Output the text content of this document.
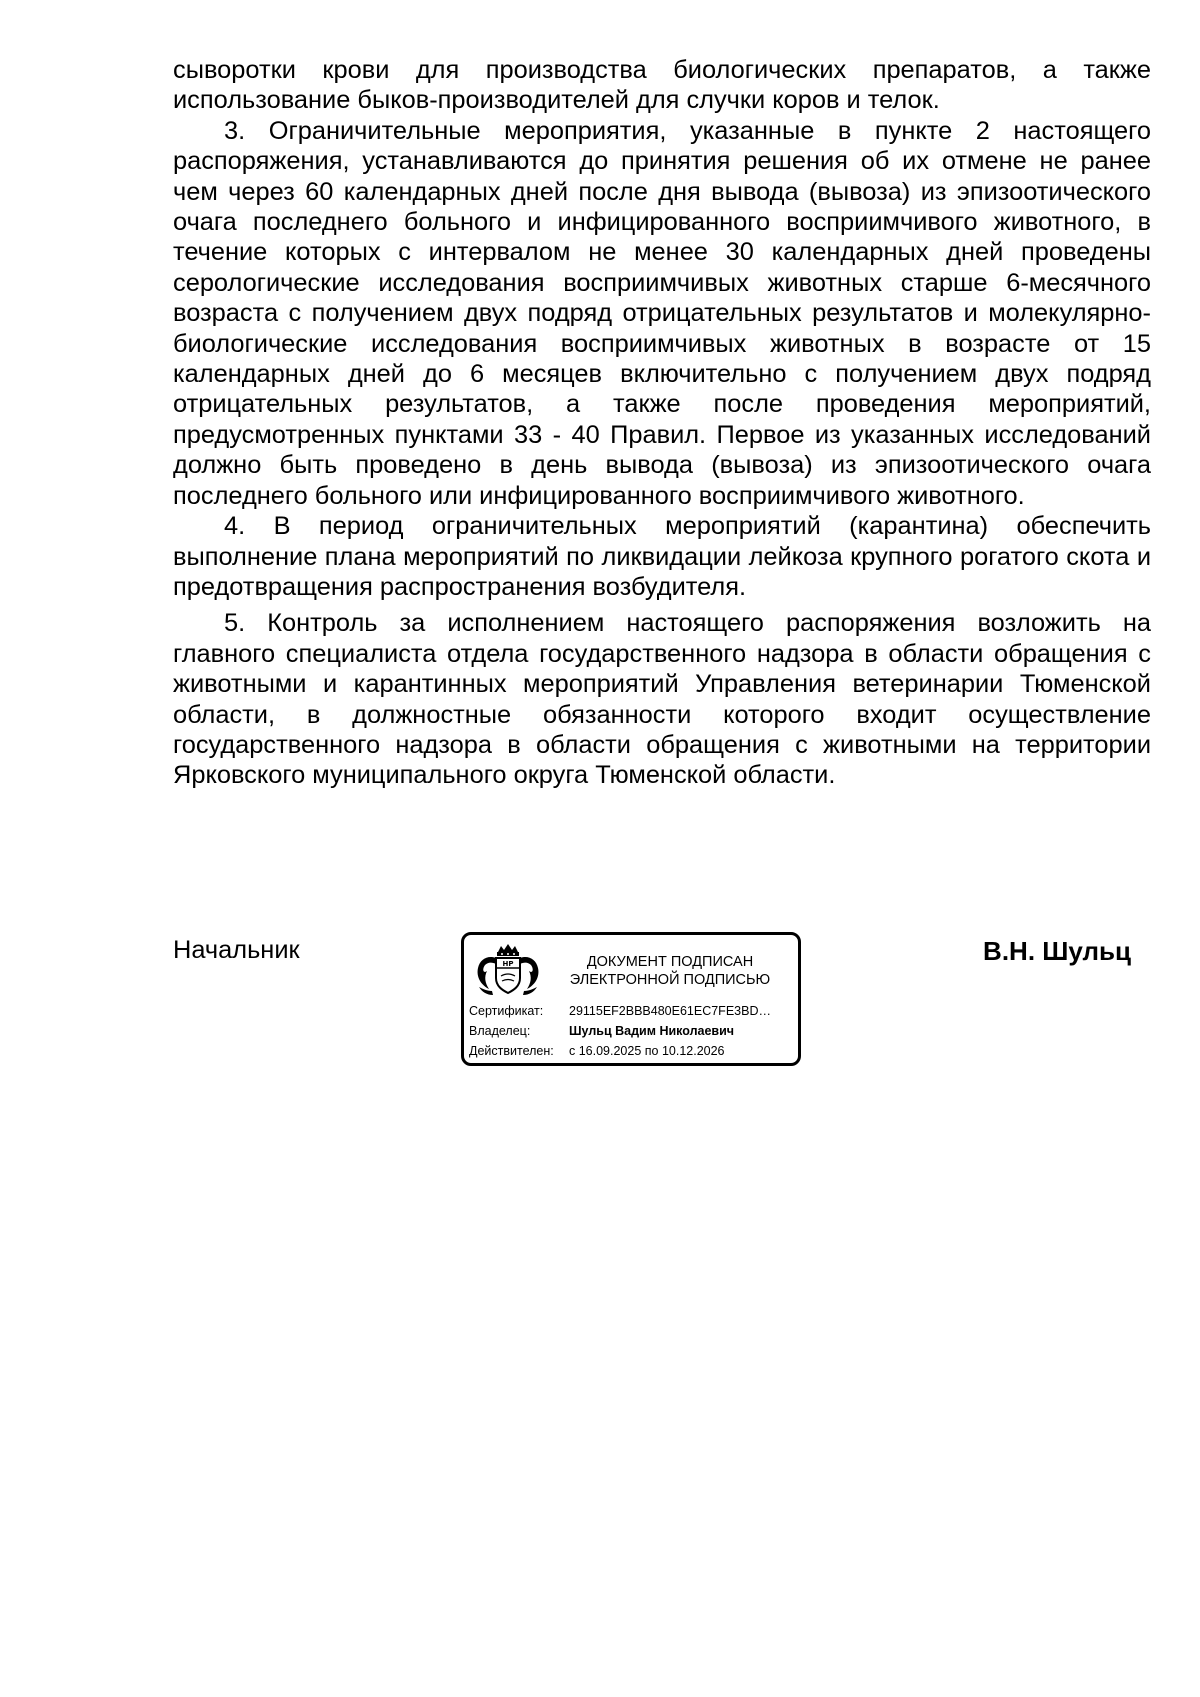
сыворотки крови для производства биологических препаратов, а также использование быков-производителей для случки коров и телок.

3. Ограничительные мероприятия, указанные в пункте 2 настоящего распоряжения, устанавливаются до принятия решения об их отмене не ранее чем через 60 календарных дней после дня вывода (вывоза) из эпизоотического очага последнего больного и инфицированного восприимчивого животного, в течение которых с интервалом не менее 30 календарных дней проведены серологические исследования восприимчивых животных старше 6-месячного возраста с получением двух подряд отрицательных результатов и молекулярно-биологические исследования восприимчивых животных в возрасте от 15 календарных дней до 6 месяцев включительно с получением двух подряд отрицательных результатов, а также после проведения мероприятий, предусмотренных пунктами 33 - 40 Правил. Первое из указанных исследований должно быть проведено в день вывода (вывоза) из эпизоотического очага последнего больного или инфицированного восприимчивого животного.

4. В период ограничительных мероприятий (карантина) обеспечить выполнение плана мероприятий по ликвидации лейкоза крупного рогатого скота и предотвращения распространения возбудителя.

5. Контроль за исполнением настоящего распоряжения возложить на главного специалиста отдела государственного надзора в области обращения с животными и карантинных мероприятий Управления ветеринарии Тюменской области, в должностные обязанности которого входит осуществление государственного надзора в области обращения с животными на территории Ярковского муниципального округа Тюменской области.

Начальник	НР	ДОКУМЕНТ ПОДПИСАН
ЭЛЕКТРОННОЙ ПОДПИСЬЮ
Сертификат: 29115EF2BBB480E61EC7FE3BD…
Владелец:	Шульц Вадим Николаевич
Действителен: с 16.09.2025 по 10.12.2026
В.Н. Шульц
